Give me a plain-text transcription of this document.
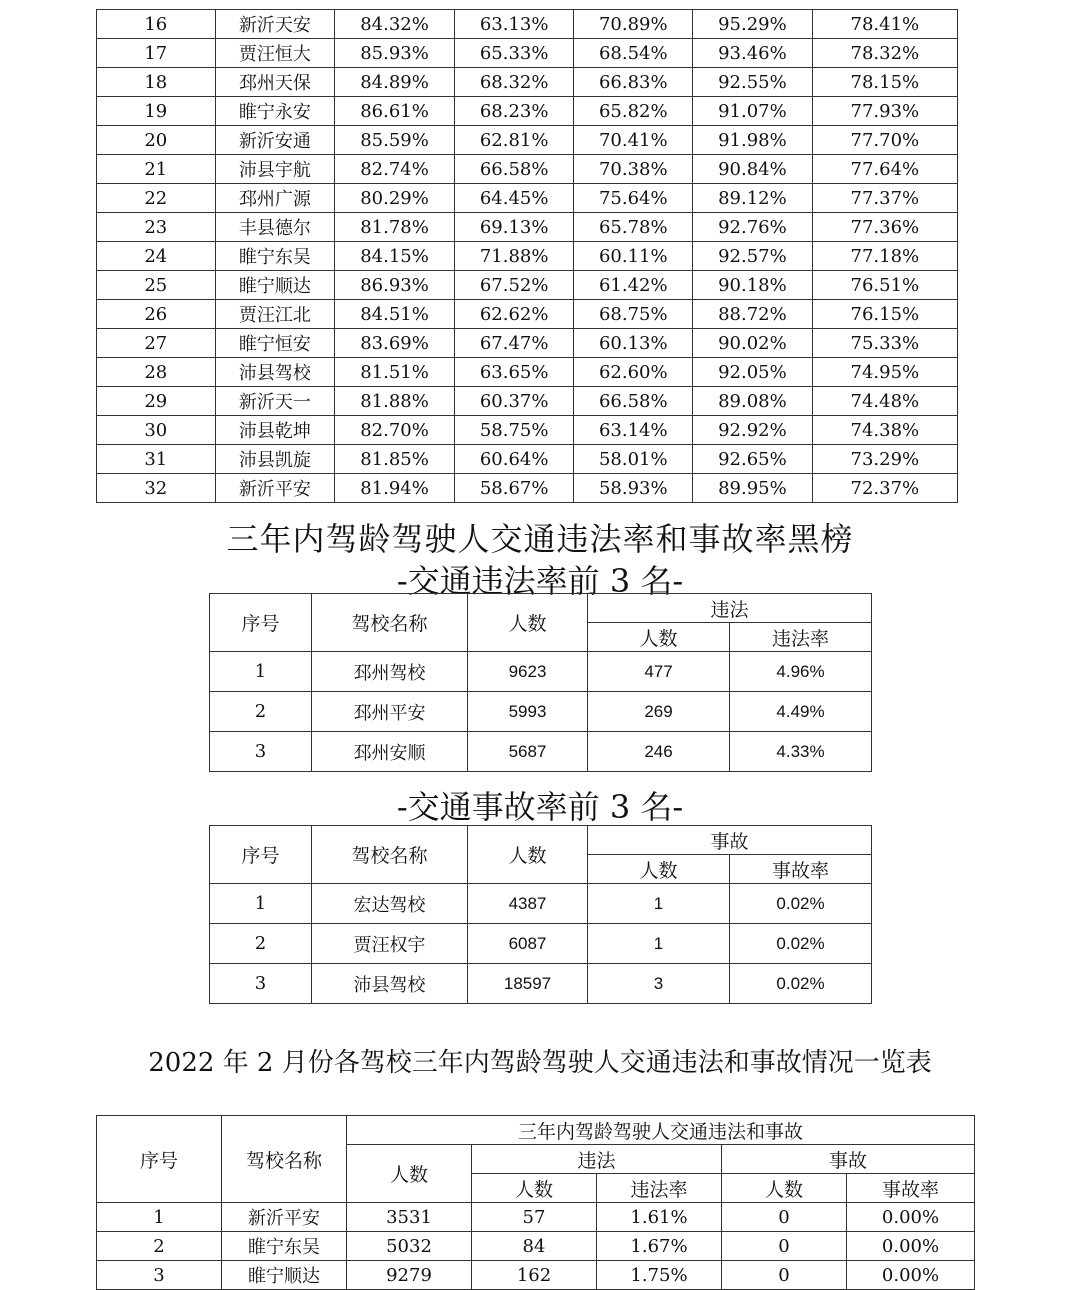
16	新沂天安	84.32%	63.13%	70.89%	95.29%	78.41%
17	贾汪恒大	85.93%	65.33%	68.54%	93.46%	78.32%
18	邳州天保	84.89%	68.32%	66.83%	92.55%	78.15%
19	睢宁永安	86.61%	68.23%	65.82%	91.07%	77.93%
20	新沂安通	85.59%	62.81%	70.41%	91.98%	77.70%
21	沛县宇航	82.74%	66.58%	70.38%	90.84%	77.64%
22	邳州广源	80.29%	64.45%	75.64%	89.12%	77.37%
23	丰县德尔	81.78%	69.13%	65.78%	92.76%	77.36%
24	睢宁东吴	84.15%	71.88%	60.11%	92.57%	77.18%
25	睢宁顺达	86.93%	67.52%	61.42%	90.18%	76.51%
26	贾汪江北	84.51%	62.62%	68.75%	88.72%	76.15%
27	睢宁恒安	83.69%	67.47%	60.13%	90.02%	75.33%
28	沛县驾校	81.51%	63.65%	62.60%	92.05%	74.95%
29	新沂天一	81.88%	60.37%	66.58%	89.08%	74.48%
30	沛县乾坤	82.70%	58.75%	63.14%	92.92%	74.38%
31	沛县凯旋	81.85%	60.64%	58.01%	92.65%	73.29%
32	新沂平安	81.94%	58.67%	58.93%	89.95%	72.37%
三年内驾龄驾驶人交通违法率和事故率黑榜
-交通违法率前 3 名-
序号	驾校名称	人数	违法	
			人数	违法率
1	邳州驾校	9623	477	4.96%
2	邳州平安	5993	269	4.49%
3	邳州安顺	5687	246	4.33%
-交通事故率前 3 名-
序号	驾校名称	人数	事故	
			人数	事故率
1	宏达驾校	4387	1	0.02%
2	贾汪权宇	6087	1	0.02%
3	沛县驾校	18597	3	0.02%
2022 年 2 月份各驾校三年内驾龄驾驶人交通违法和事故情况一览表
序号	驾校名称	三年内驾龄驾驶人交通违法和事故				
		人数	违法		事故	
			人数	违法率	人数	事故率
1	新沂平安	3531	57	1.61%	0	0.00%
2	睢宁东吴	5032	84	1.67%	0	0.00%
3	睢宁顺达	9279	162	1.75%	0	0.00%
